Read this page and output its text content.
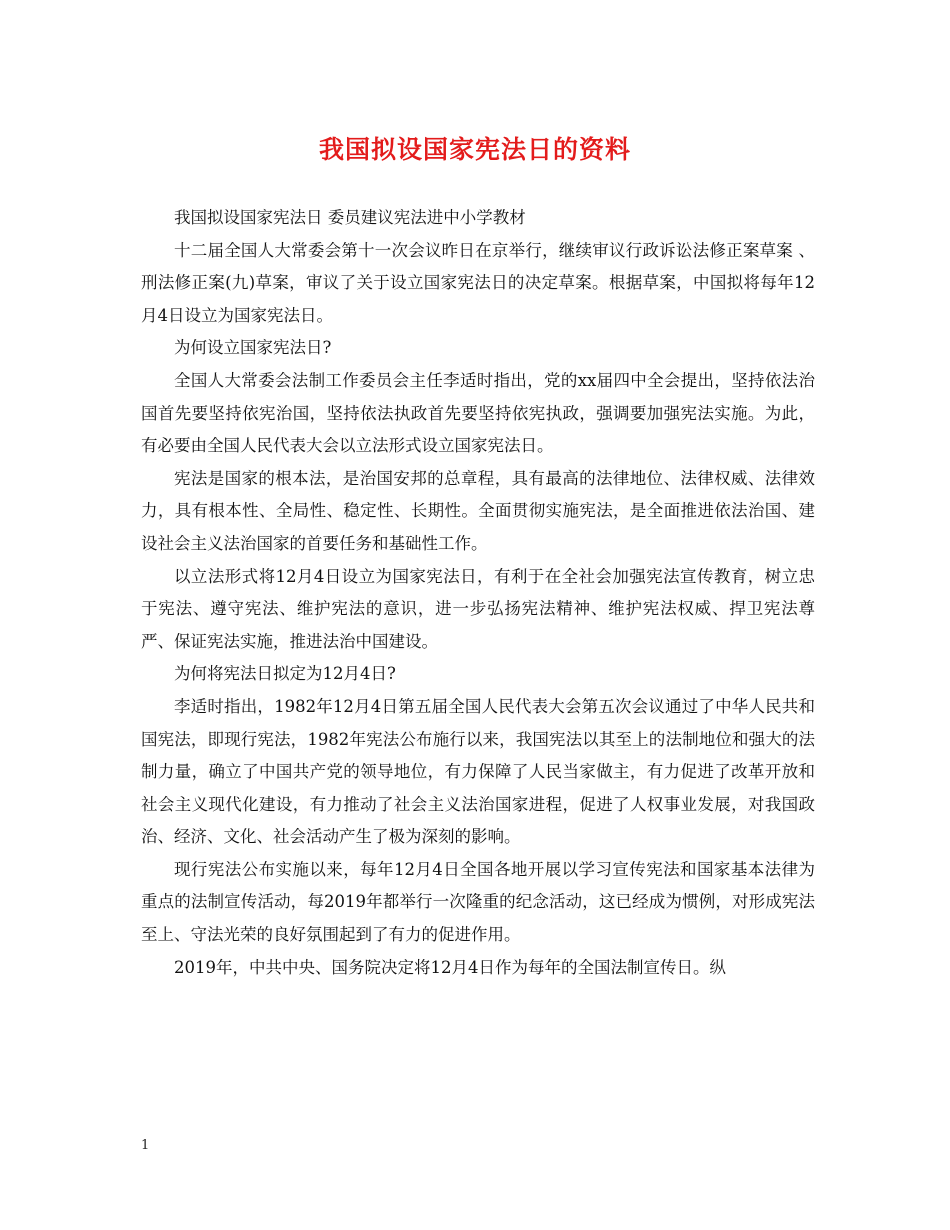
我国拟设国家宪法日的资料

我国拟设国家宪法日 委员建议宪法进中小学教材

十二届全国人大常委会第十一次会议昨日在京举行，继续审议行政诉讼法修正案草案 、刑法修正案(九)草案，审议了关于设立国家宪法日的决定草案。根据草案，中国拟将每年12月4日设立为国家宪法日。

为何设立国家宪法日?

全国人大常委会法制工作委员会主任李适时指出，党的xx届四中全会提出，坚持依法治国首先要坚持依宪治国，坚持依法执政首先要坚持依宪执政，强调要加强宪法实施。为此，有必要由全国人民代表大会以立法形式设立国家宪法日。

宪法是国家的根本法，是治国安邦的总章程，具有最高的法律地位、法律权威、法律效力，具有根本性、全局性、稳定性、长期性。全面贯彻实施宪法，是全面推进依法治国、建设社会主义法治国家的首要任务和基础性工作。

以立法形式将12月4日设立为国家宪法日，有利于在全社会加强宪法宣传教育，树立忠于宪法、遵守宪法、维护宪法的意识，进一步弘扬宪法精神、维护宪法权威、捍卫宪法尊严、保证宪法实施，推进法治中国建设。

为何将宪法日拟定为12月4日?

李适时指出，1982年12月4日第五届全国人民代表大会第五次会议通过了中华人民共和国宪法，即现行宪法，1982年宪法公布施行以来，我国宪法以其至上的法制地位和强大的法制力量，确立了中国共产党的领导地位，有力保障了人民当家做主，有力促进了改革开放和社会主义现代化建设，有力推动了社会主义法治国家进程，促进了人权事业发展，对我国政治、经济、文化、社会活动产生了极为深刻的影响。

现行宪法公布实施以来，每年12月4日全国各地开展以学习宣传宪法和国家基本法律为重点的法制宣传活动，每2019年都举行一次隆重的纪念活动，这已经成为惯例，对形成宪法至上、守法光荣的良好氛围起到了有力的促进作用。

2019年，中共中央、国务院决定将12月4日作为每年的全国法制宣传日。纵

1
